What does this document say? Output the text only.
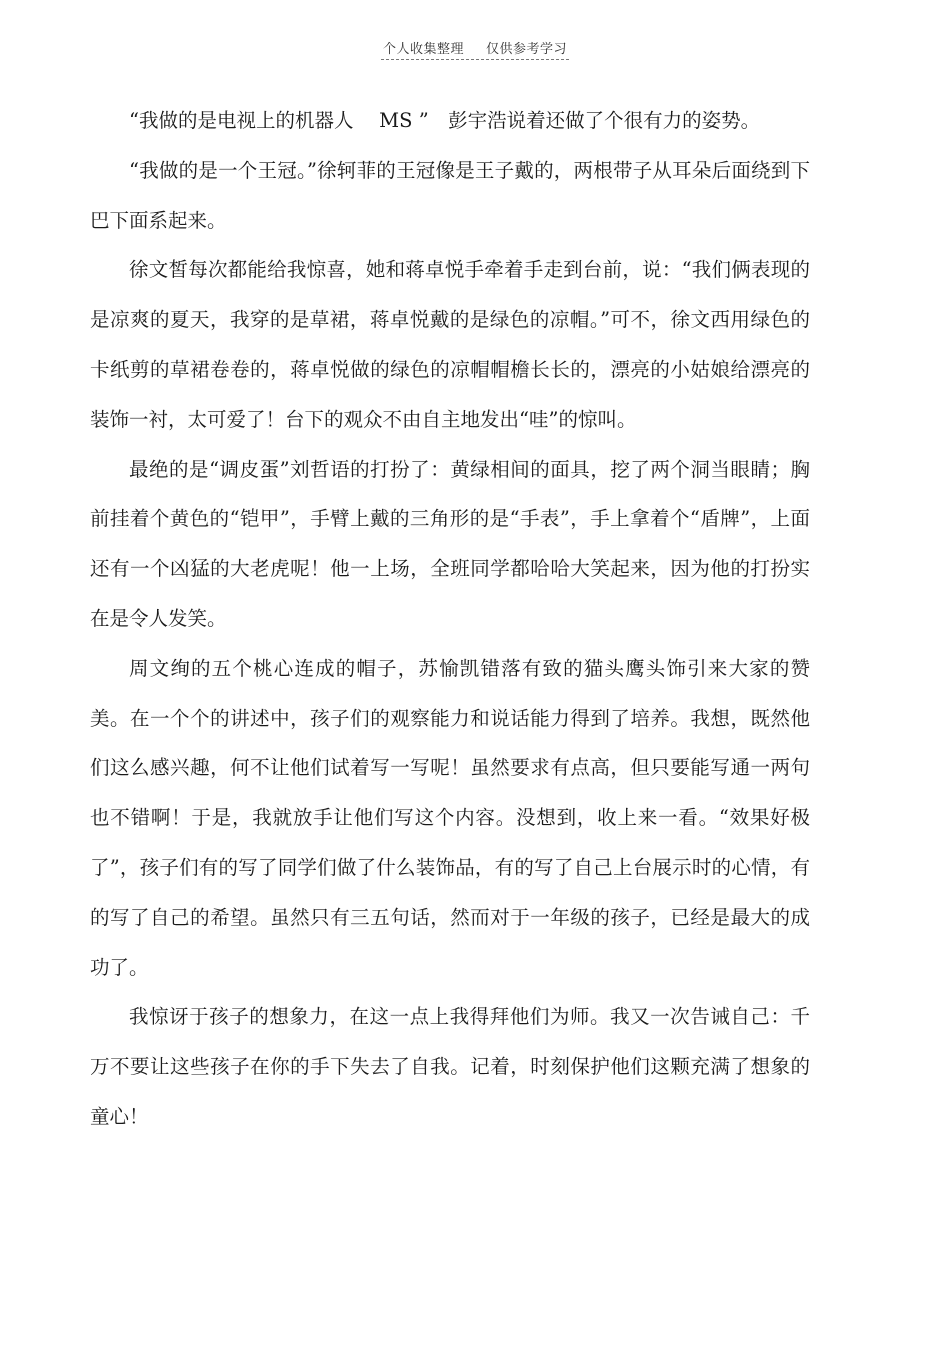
个人收集整理 仅供参考学习

“我做的是电视上的机器人　 MS ”　彭宇浩说着还做了个很有力的姿势。

“我做的是一个王冠。”徐轲菲的王冠像是王子戴的，两根带子从耳朵后面绕到下巴下面系起来。

徐文皙每次都能给我惊喜，她和蒋卓悦手牵着手走到台前，说：“我们俩表现的是凉爽的夏天，我穿的是草裙，蒋卓悦戴的是绿色的凉帽。”可不，徐文西用绿色的卡纸剪的草裙卷卷的，蒋卓悦做的绿色的凉帽帽檐长长的，漂亮的小姑娘给漂亮的装饰一衬，太可爱了！台下的观众不由自主地发出“哇”的惊叫。

最绝的是“调皮蛋”刘哲语的打扮了：黄绿相间的面具，挖了两个洞当眼睛；胸前挂着个黄色的“铠甲”，手臂上戴的三角形的是“手表”，手上拿着个“盾牌”，上面还有一个凶猛的大老虎呢！他一上场，全班同学都哈哈大笑起来，因为他的打扮实在是令人发笑。

周文绚的五个桃心连成的帽子，苏愉凯错落有致的猫头鹰头饰引来大家的赞美。在一个个的讲述中，孩子们的观察能力和说话能力得到了培养。我想，既然他们这么感兴趣，何不让他们试着写一写呢！虽然要求有点高，但只要能写通一两句也不错啊！于是，我就放手让他们写这个内容。没想到，收上来一看。“效果好极了”，孩子们有的写了同学们做了什么装饰品，有的写了自己上台展示时的心情，有的写了自己的希望。虽然只有三五句话，然而对于一年级的孩子，已经是最大的成功了。

我惊讶于孩子的想象力，在这一点上我得拜他们为师。我又一次告诫自己：千万不要让这些孩子在你的手下失去了自我。记着，时刻保护他们这颗充满了想象的童心！
